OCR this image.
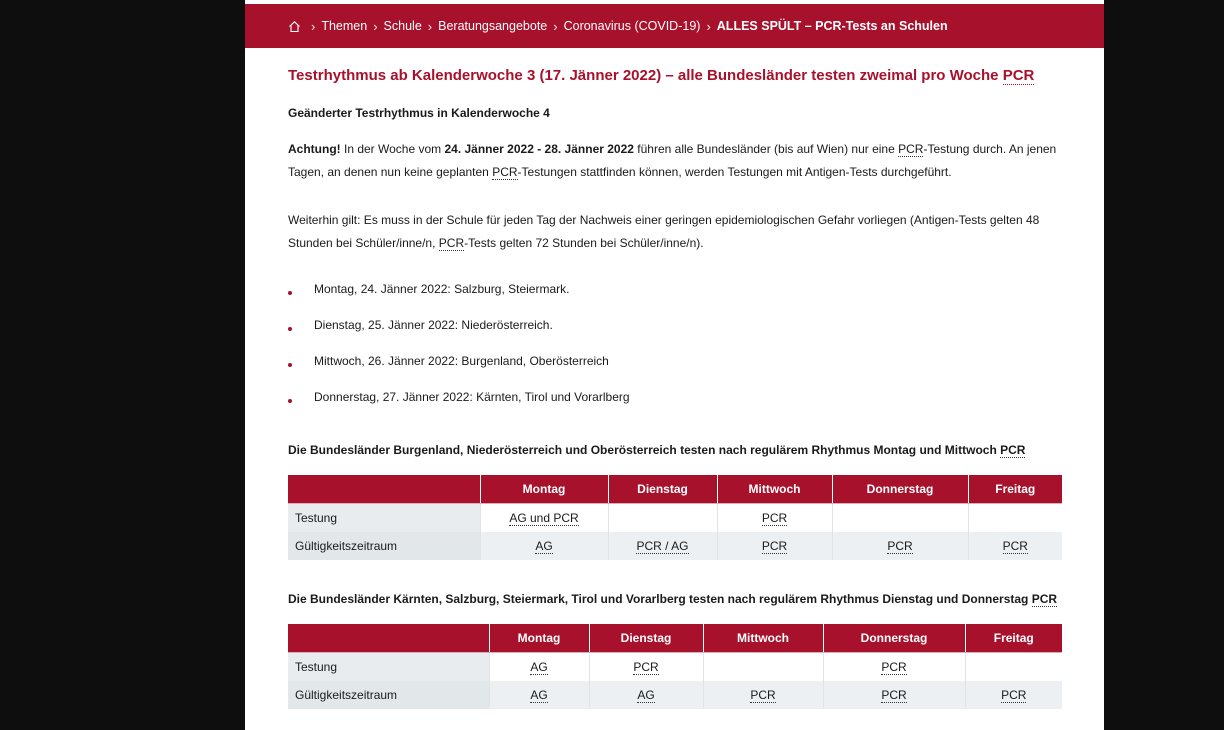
› Themen › Schule › Beratungsangebote › Coronavirus (COVID-19) › ALLES SPÜLT – PCR-Tests an Schulen
Testrhythmus ab Kalenderwoche 3 (17. Jänner 2022) – alle Bundesländer testen zweimal pro Woche PCR

Geänderter Testrhythmus in Kalenderwoche 4

Achtung! In der Woche vom 24. Jänner 2022 - 28. Jänner 2022 führen alle Bundesländer (bis auf Wien) nur eine PCR-Testung durch. An jenen Tagen, an denen nun keine geplanten PCR-Testungen stattfinden können, werden Testungen mit Antigen-Tests durchgeführt.

Weiterhin gilt: Es muss in der Schule für jeden Tag der Nachweis einer geringen epidemiologischen Gefahr vorliegen (Antigen-Tests gelten 48 Stunden bei Schüler/inne/n, PCR-Tests gelten 72 Stunden bei Schüler/inne/n).

Montag, 24. Jänner 2022: Salzburg, Steiermark.
Dienstag, 25. Jänner 2022: Niederösterreich.
Mittwoch, 26. Jänner 2022: Burgenland, Oberösterreich
Donnerstag, 27. Jänner 2022: Kärnten, Tirol und Vorarlberg

Die Bundesländer Burgenland, Niederösterreich und Oberösterreich testen nach regulärem Rhythmus Montag und Mittwoch PCR

	Montag	Dienstag	Mittwoch	Donnerstag	Freitag
Testung	AG und PCR		PCR		
Gültigkeitszeitraum	AG	PCR / AG	PCR	PCR	PCR

Die Bundesländer Kärnten, Salzburg, Steiermark, Tirol und Vorarlberg testen nach regulärem Rhythmus Dienstag und Donnerstag PCR

	Montag	Dienstag	Mittwoch	Donnerstag	Freitag
Testung	AG	PCR		PCR	
Gültigkeitszeitraum	AG	AG	PCR	PCR	PCR
